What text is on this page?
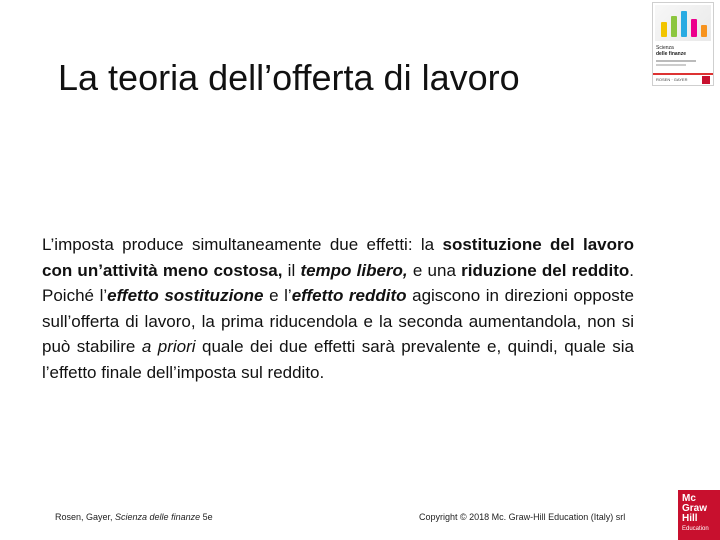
La teoria dell’offerta di lavoro
Scienza
delle finanze
ROSEN · GAYER
L’imposta produce simultaneamente due effetti: la sostituzione del lavoro con un’attività meno costosa, il tempo libero, e una riduzione del reddito. Poiché l’effetto sostituzione e l’effetto reddito agiscono in direzioni opposte sull’offerta di lavoro, la prima riducendola e la seconda aumentandola, non si può stabilire a priori quale dei due effetti sarà prevalente e, quindi, quale sia l’effetto finale dell’imposta sul reddito.
Rosen, Gayer, Scienza delle finanze 5e	Copyright © 2018 Mc. Graw-Hill Education (Italy) srl
Mc
Graw
Hill
Education
